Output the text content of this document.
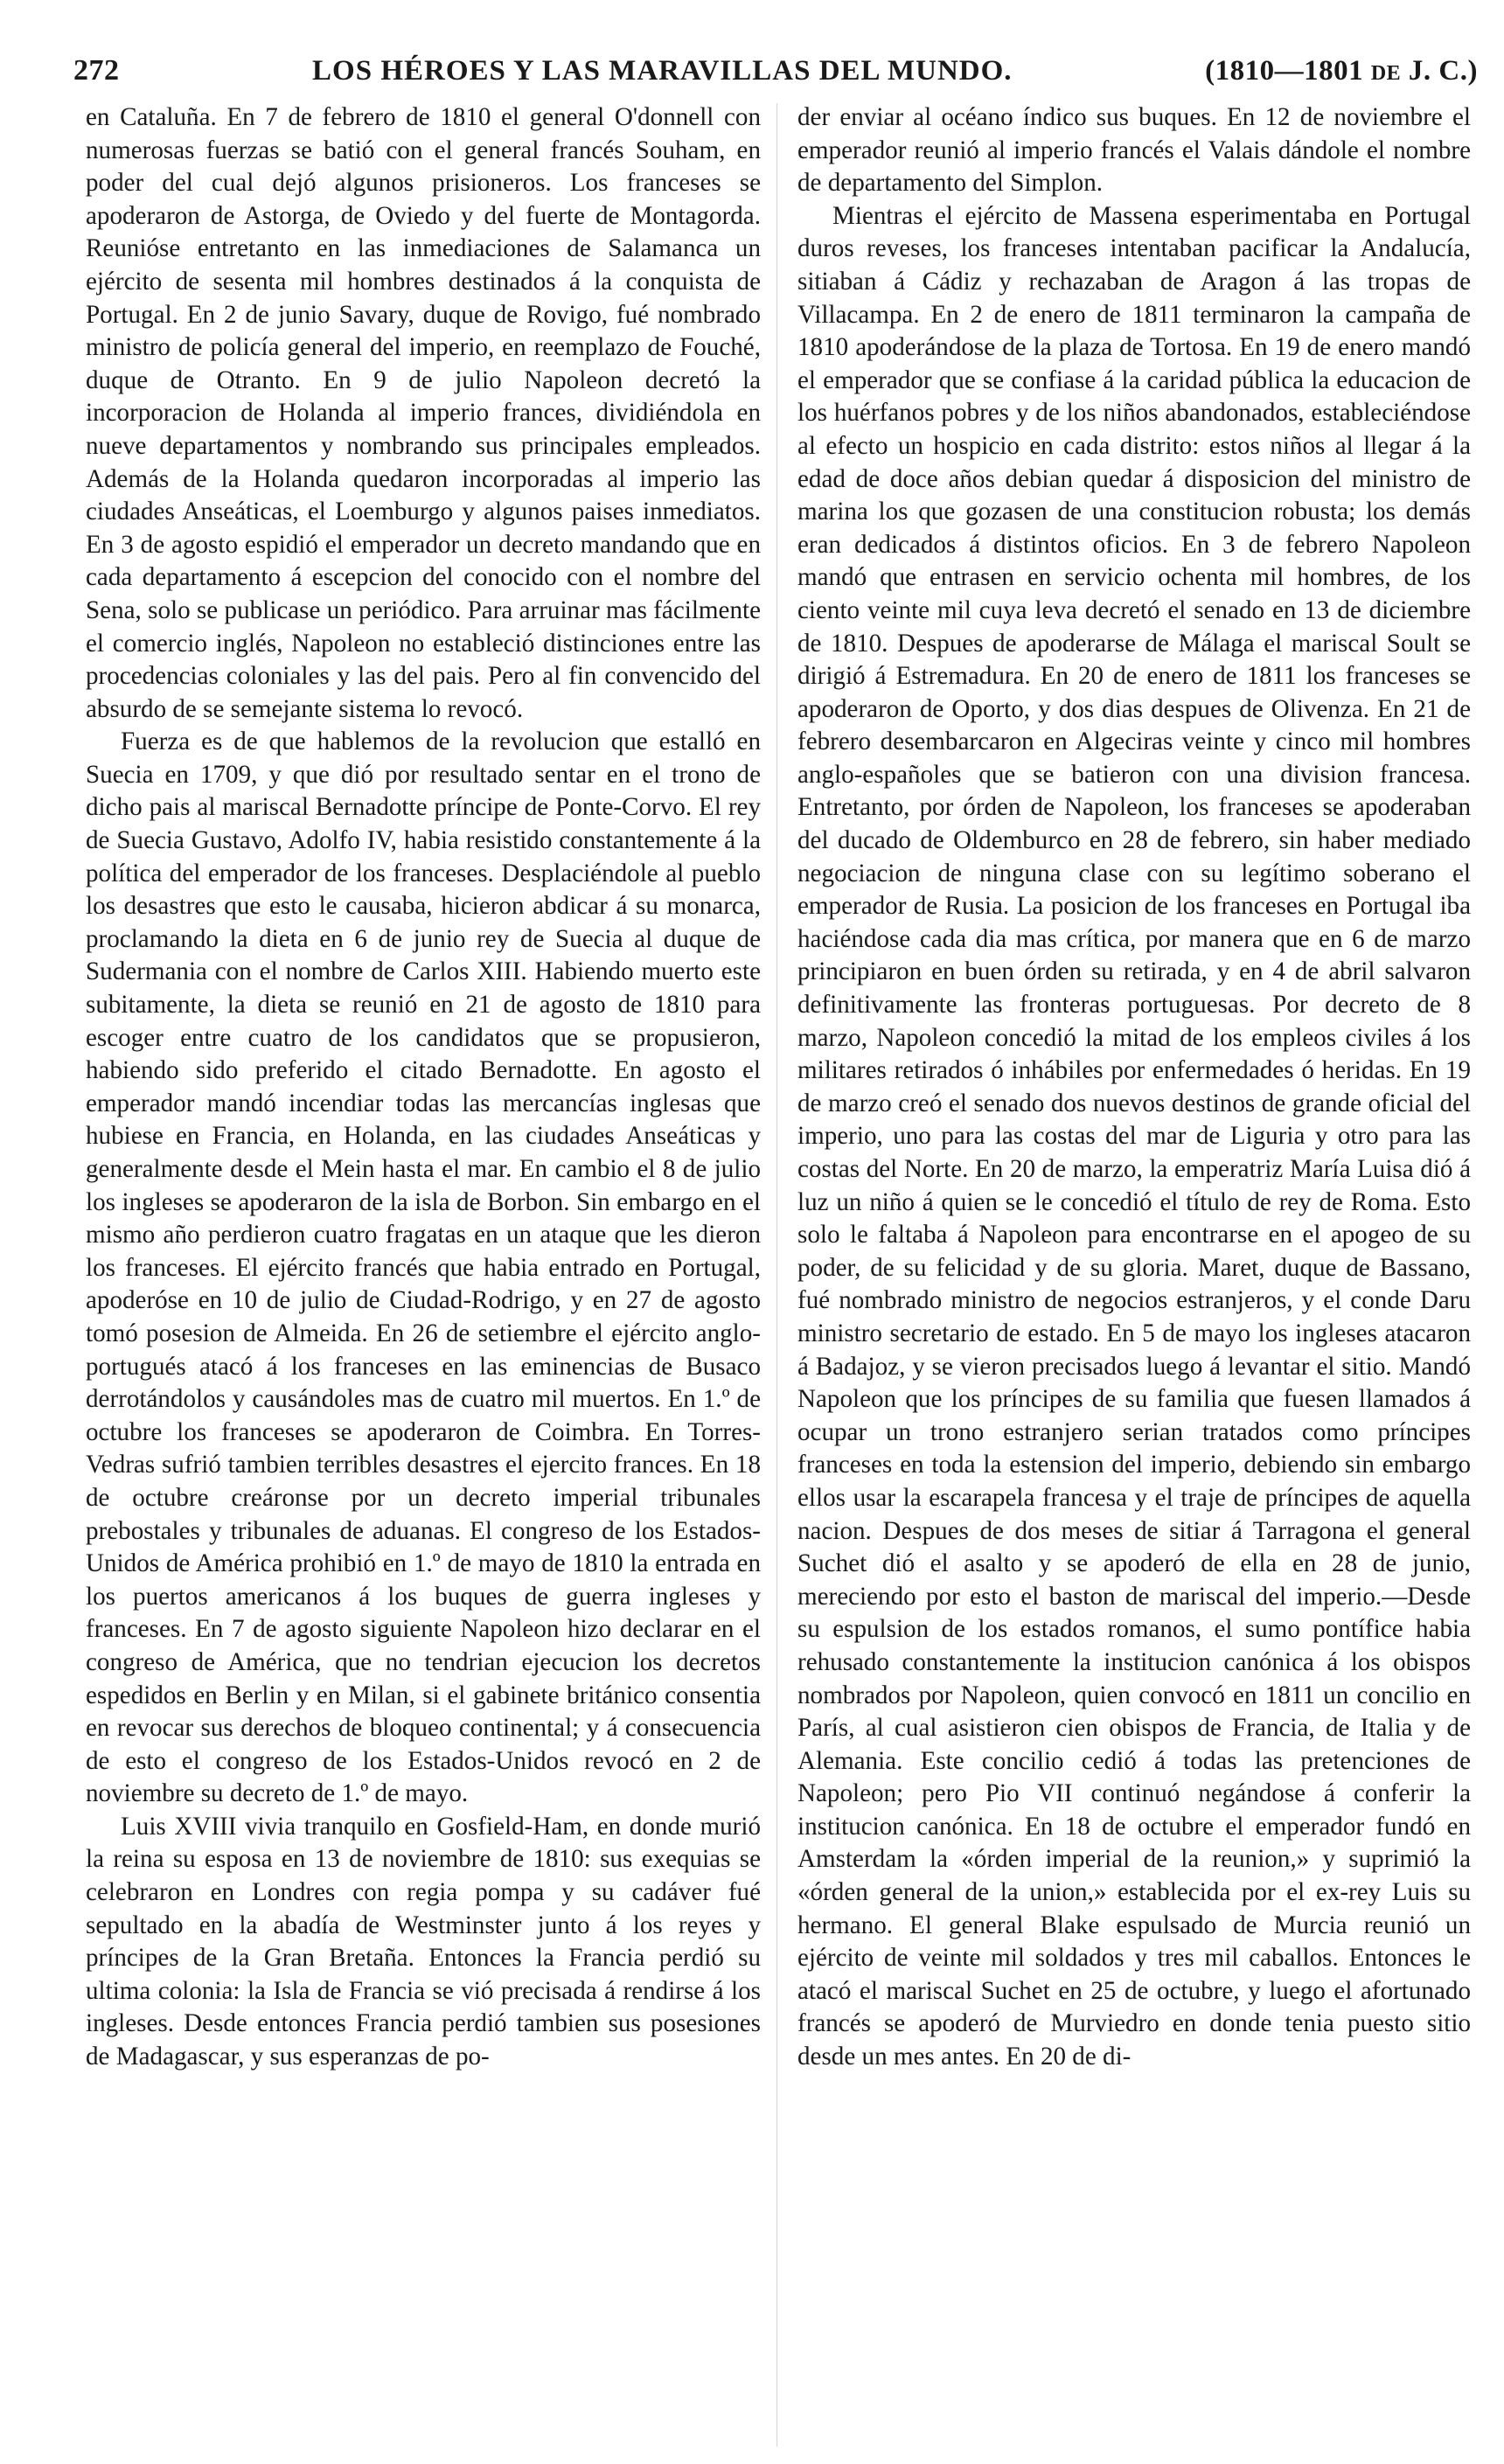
272	LOS HÉROES Y LAS MARAVILLAS DEL MUNDO.	(1810—1801 DE J. C.)

en Cataluña. En 7 de febrero de 1810 el general O'donnell con numerosas fuerzas se batió con el general francés Souham, en poder del cual dejó algunos prisioneros. Los franceses se apoderaron de Astorga, de Oviedo y del fuerte de Montagorda. Reunióse entretanto en las inmediaciones de Salamanca un ejército de sesenta mil hombres destinados á la conquista de Portugal. En 2 de junio Savary, duque de Rovigo, fué nombrado ministro de policía general del imperio, en reemplazo de Fouché, duque de Otranto. En 9 de julio Napoleon decretó la incorporacion de Holanda al imperio frances, dividiéndola en nueve departamentos y nombrando sus principales empleados. Además de la Holanda quedaron incorporadas al imperio las ciudades Anseáticas, el Loemburgo y algunos paises inmediatos. En 3 de agosto espidió el emperador un decreto mandando que en cada departamento á escepcion del conocido con el nombre del Sena, solo se publicase un periódico. Para arruinar mas fácilmente el comercio inglés, Napoleon no estableció distinciones entre las procedencias coloniales y las del pais. Pero al fin convencido del absurdo de se semejante sistema lo revocó.

Fuerza es de que hablemos de la revolucion que estalló en Suecia en 1709, y que dió por resultado sentar en el trono de dicho pais al mariscal Bernadotte príncipe de Ponte-Corvo. El rey de Suecia Gustavo, Adolfo IV, habia resistido constantemente á la política del emperador de los franceses. Desplaciéndole al pueblo los desastres que esto le causaba, hicieron abdicar á su monarca, proclamando la dieta en 6 de junio rey de Suecia al duque de Sudermania con el nombre de Carlos XIII. Habiendo muerto este subitamente, la dieta se reunió en 21 de agosto de 1810 para escoger entre cuatro de los candidatos que se propusieron, habiendo sido preferido el citado Bernadotte. En agosto el emperador mandó incendiar todas las mercancías inglesas que hubiese en Francia, en Holanda, en las ciudades Anseáticas y generalmente desde el Mein hasta el mar. En cambio el 8 de julio los ingleses se apoderaron de la isla de Borbon. Sin embargo en el mismo año perdieron cuatro fragatas en un ataque que les dieron los franceses. El ejército francés que habia entrado en Portugal, apoderóse en 10 de julio de Ciudad-Rodrigo, y en 27 de agosto tomó posesion de Almeida. En 26 de setiembre el ejército anglo-portugués atacó á los franceses en las eminencias de Busaco derrotándolos y causándoles mas de cuatro mil muertos. En 1.º de octubre los franceses se apoderaron de Coimbra. En Torres-Vedras sufrió tambien terribles desastres el ejercito frances. En 18 de octubre creáronse por un decreto imperial tribunales prebostales y tribunales de aduanas. El congreso de los Estados-Unidos de América prohibió en 1.º de mayo de 1810 la entrada en los puertos americanos á los buques de guerra ingleses y franceses. En 7 de agosto siguiente Napoleon hizo declarar en el congreso de América, que no tendrian ejecucion los decretos espedidos en Berlin y en Milan, si el gabinete británico consentia en revocar sus derechos de bloqueo continental; y á consecuencia de esto el congreso de los Estados-Unidos revocó en 2 de noviembre su decreto de 1.º de mayo.

Luis XVIII vivia tranquilo en Gosfield-Ham, en donde murió la reina su esposa en 13 de noviembre de 1810: sus exequias se celebraron en Londres con regia pompa y su cadáver fué sepultado en la abadía de Westminster junto á los reyes y príncipes de la Gran Bretaña. Entonces la Francia perdió su ultima colonia: la Isla de Francia se vió precisada á rendirse á los ingleses. Desde entonces Francia perdió tambien sus posesiones de Madagascar, y sus esperanzas de po-

der enviar al océano índico sus buques. En 12 de noviembre el emperador reunió al imperio francés el Valais dándole el nombre de departamento del Simplon.

Mientras el ejército de Massena esperimentaba en Portugal duros reveses, los franceses intentaban pacificar la Andalucía, sitiaban á Cádiz y rechazaban de Aragon á las tropas de Villacampa. En 2 de enero de 1811 terminaron la campaña de 1810 apoderándose de la plaza de Tortosa. En 19 de enero mandó el emperador que se confiase á la caridad pública la educacion de los huérfanos pobres y de los niños abandonados, estableciéndose al efecto un hospicio en cada distrito: estos niños al llegar á la edad de doce años debian quedar á disposicion del ministro de marina los que gozasen de una constitucion robusta; los demás eran dedicados á distintos oficios. En 3 de febrero Napoleon mandó que entrasen en servicio ochenta mil hombres, de los ciento veinte mil cuya leva decretó el senado en 13 de diciembre de 1810. Despues de apoderarse de Málaga el mariscal Soult se dirigió á Estremadura. En 20 de enero de 1811 los franceses se apoderaron de Oporto, y dos dias despues de Olivenza. En 21 de febrero desembarcaron en Algeciras veinte y cinco mil hombres anglo-españoles que se batieron con una division francesa. Entretanto, por órden de Napoleon, los franceses se apoderaban del ducado de Oldemburco en 28 de febrero, sin haber mediado negociacion de ninguna clase con su legítimo soberano el emperador de Rusia. La posicion de los franceses en Portugal iba haciéndose cada dia mas crítica, por manera que en 6 de marzo principiaron en buen órden su retirada, y en 4 de abril salvaron definitivamente las fronteras portuguesas. Por decreto de 8 marzo, Napoleon concedió la mitad de los empleos civiles á los militares retirados ó inhábiles por enfermedades ó heridas. En 19 de marzo creó el senado dos nuevos destinos de grande oficial del imperio, uno para las costas del mar de Liguria y otro para las costas del Norte. En 20 de marzo, la emperatriz María Luisa dió á luz un niño á quien se le concedió el título de rey de Roma. Esto solo le faltaba á Napoleon para encontrarse en el apogeo de su poder, de su felicidad y de su gloria. Maret, duque de Bassano, fué nombrado ministro de negocios estranjeros, y el conde Daru ministro secretario de estado. En 5 de mayo los ingleses atacaron á Badajoz, y se vieron precisados luego á levantar el sitio. Mandó Napoleon que los príncipes de su familia que fuesen llamados á ocupar un trono estranjero serian tratados como príncipes franceses en toda la estension del imperio, debiendo sin embargo ellos usar la escarapela francesa y el traje de príncipes de aquella nacion. Despues de dos meses de sitiar á Tarragona el general Suchet dió el asalto y se apoderó de ella en 28 de junio, mereciendo por esto el baston de mariscal del imperio.—Desde su espulsion de los estados romanos, el sumo pontífice habia rehusado constantemente la institucion canónica á los obispos nombrados por Napoleon, quien convocó en 1811 un concilio en París, al cual asistieron cien obispos de Francia, de Italia y de Alemania. Este concilio cedió á todas las pretenciones de Napoleon; pero Pio VII continuó negándose á conferir la institucion canónica. En 18 de octubre el emperador fundó en Amsterdam la «órden imperial de la reunion,» y suprimió la «órden general de la union,» establecida por el ex-rey Luis su hermano. El general Blake espulsado de Murcia reunió un ejército de veinte mil soldados y tres mil caballos. Entonces le atacó el mariscal Suchet en 25 de octubre, y luego el afortunado francés se apoderó de Murviedro en donde tenia puesto sitio desde un mes antes. En 20 de di-
